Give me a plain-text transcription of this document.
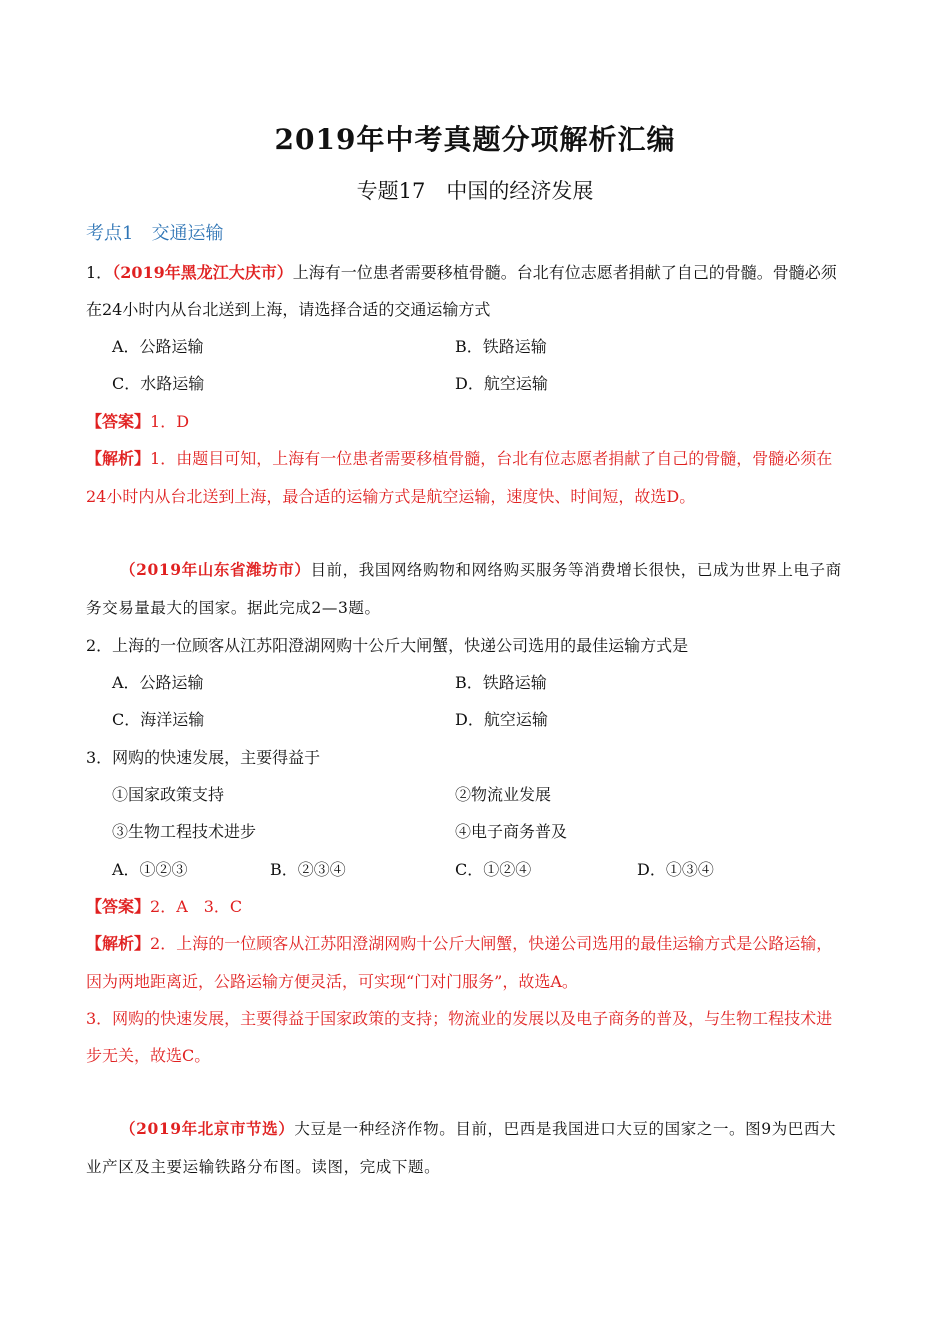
2019年中考真题分项解析汇编
专题17　中国的经济发展
考点1　交通运输
1．（2019年黑龙江大庆市）上海有一位患者需要移植骨髓。台北有位志愿者捐献了自己的骨髓。骨髓必须
在24小时内从台北送到上海，请选择合适的交通运输方式
A．公路运输	B．铁路运输
C．水路运输	D．航空运输
【答案】1．D
【解析】1．由题目可知，上海有一位患者需要移植骨髓，台北有位志愿者捐献了自己的骨髓，骨髓必须在
24小时内从台北送到上海，最合适的运输方式是航空运输，速度快、时间短，故选D。
（2019年山东省潍坊市）目前，我国网络购物和网络购买服务等消费增长很快，已成为世界上电子商
务交易量最大的国家。据此完成2—3题。
2．上海的一位顾客从江苏阳澄湖网购十公斤大闸蟹，快递公司选用的最佳运输方式是
A．公路运输	B．铁路运输
C．海洋运输	D．航空运输
3．网购的快速发展，主要得益于
①国家政策支持	②物流业发展
③生物工程技术进步	④电子商务普及
A．①②③	B．②③④	C．①②④	D．①③④
【答案】2．A　3．C
【解析】2．上海的一位顾客从江苏阳澄湖网购十公斤大闸蟹，快递公司选用的最佳运输方式是公路运输，
因为两地距离近，公路运输方便灵活，可实现“门对门服务”，故选A。
3．网购的快速发展，主要得益于国家政策的支持；物流业的发展以及电子商务的普及，与生物工程技术进
步无关，故选C。
（2019年北京市节选）大豆是一种经济作物。目前，巴西是我国进口大豆的国家之一。图9为巴西大
业产区及主要运输铁路分布图。读图，完成下题。
